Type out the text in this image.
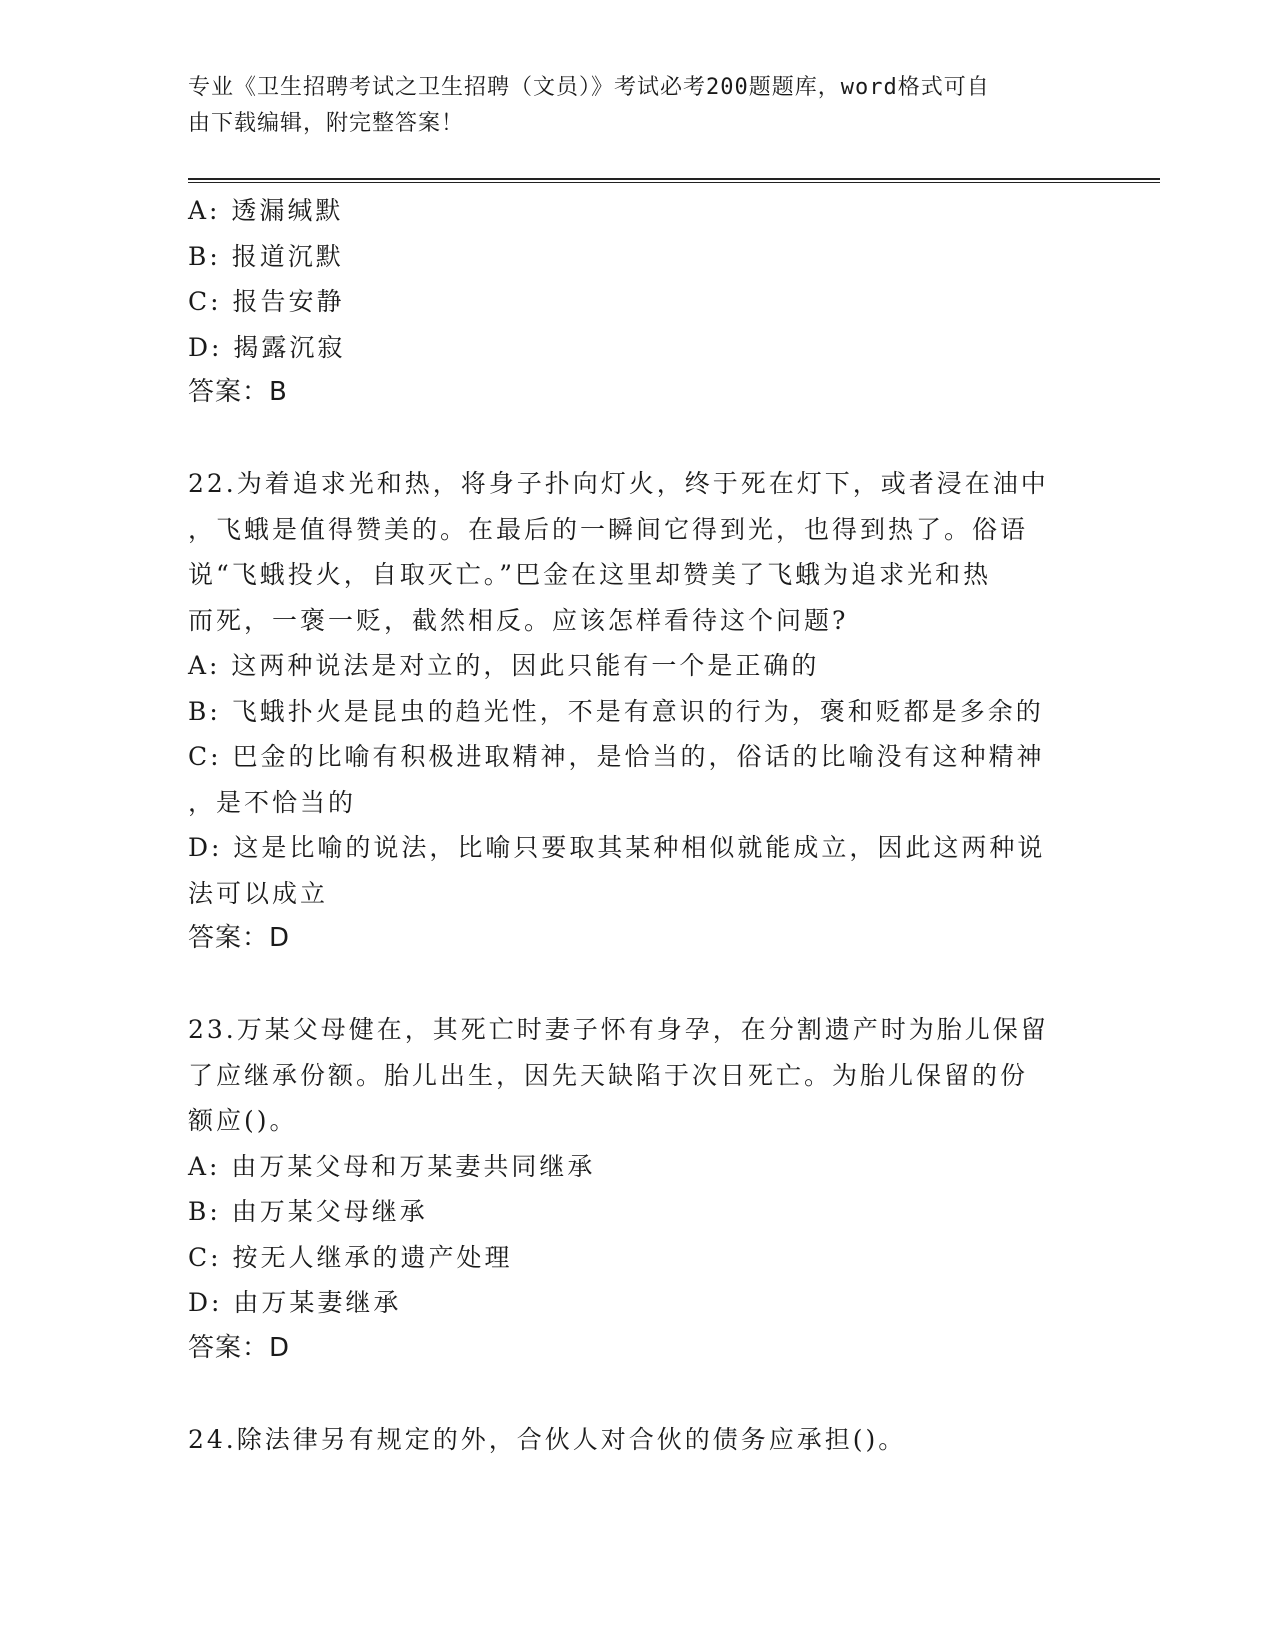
专业《卫生招聘考试之卫生招聘（文员）》考试必考200题题库，word格式可自
由下载编辑，附完整答案！
A: 透漏缄默
B: 报道沉默
C: 报告安静
D: 揭露沉寂
答案：B
22.为着追求光和热，将身子扑向灯火，终于死在灯下，或者浸在油中
，飞蛾是值得赞美的。在最后的一瞬间它得到光，也得到热了。俗语
说“飞蛾投火，自取灭亡。”巴金在这里却赞美了飞蛾为追求光和热
而死，一褒一贬，截然相反。应该怎样看待这个问题?
A: 这两种说法是对立的，因此只能有一个是正确的
B: 飞蛾扑火是昆虫的趋光性，不是有意识的行为，褒和贬都是多余的
C: 巴金的比喻有积极进取精神，是恰当的，俗话的比喻没有这种精神
，是不恰当的
D: 这是比喻的说法，比喻只要取其某种相似就能成立，因此这两种说
法可以成立
答案：D
23.万某父母健在，其死亡时妻子怀有身孕，在分割遗产时为胎儿保留
了应继承份额。胎儿出生，因先天缺陷于次日死亡。为胎儿保留的份
额应()。
A: 由万某父母和万某妻共同继承
B: 由万某父母继承
C: 按无人继承的遗产处理
D: 由万某妻继承
答案：D
24.除法律另有规定的外，合伙人对合伙的债务应承担()。
